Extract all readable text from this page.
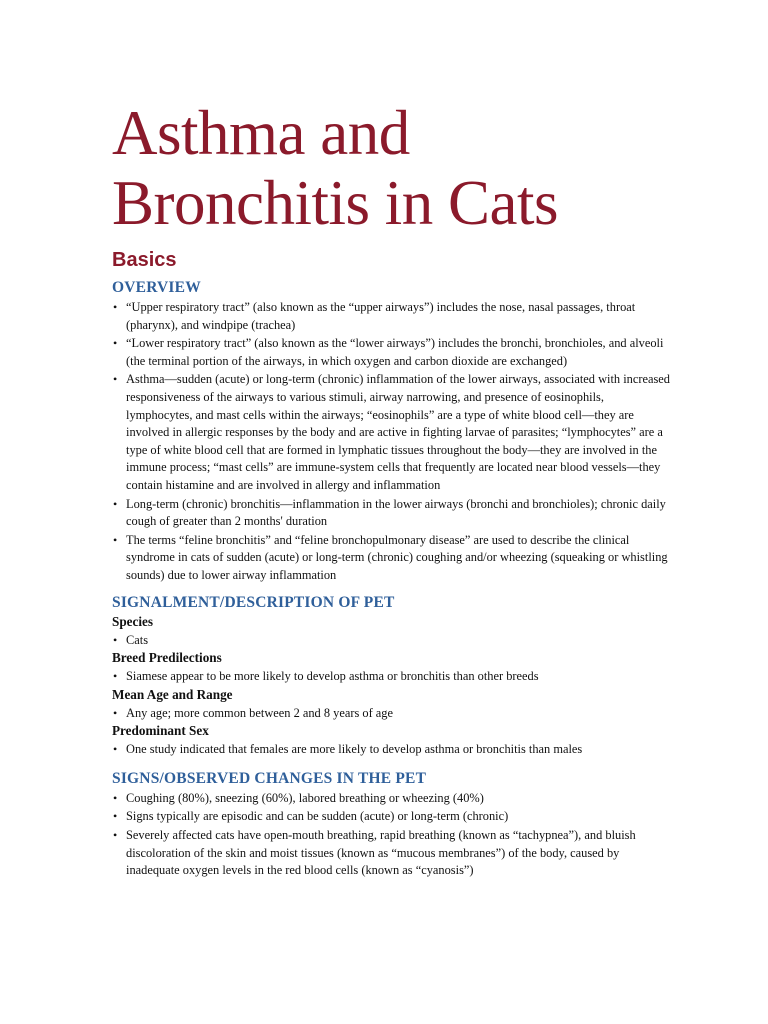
Asthma and
Bronchitis in Cats
Basics
OVERVIEW
• “Upper respiratory tract” (also known as the “upper airways”) includes the nose, nasal passages, throat (pharynx), and windpipe (trachea)
• “Lower respiratory tract” (also known as the “lower airways”) includes the bronchi, bronchioles, and alveoli (the terminal portion of the airways, in which oxygen and carbon dioxide are exchanged)
• Asthma—sudden (acute) or long-term (chronic) inflammation of the lower airways, associated with increased responsiveness of the airways to various stimuli, airway narrowing, and presence of eosinophils, lymphocytes, and mast cells within the airways; “eosinophils” are a type of white blood cell—they are involved in allergic responses by the body and are active in fighting larvae of parasites; “lymphocytes” are a type of white blood cell that are formed in lymphatic tissues throughout the body—they are involved in the immune process; “mast cells” are immune-system cells that frequently are located near blood vessels—they contain histamine and are involved in allergy and inflammation
• Long-term (chronic) bronchitis—inflammation in the lower airways (bronchi and bronchioles); chronic daily cough of greater than 2 months' duration
• The terms “feline bronchitis” and “feline bronchopulmonary disease” are used to describe the clinical syndrome in cats of sudden (acute) or long-term (chronic) coughing and/or wheezing (squeaking or whistling sounds) due to lower airway inflammation
SIGNALMENT/DESCRIPTION OF PET
Species
• Cats
Breed Predilections
• Siamese appear to be more likely to develop asthma or bronchitis than other breeds
Mean Age and Range
• Any age; more common between 2 and 8 years of age
Predominant Sex
• One study indicated that females are more likely to develop asthma or bronchitis than males
SIGNS/OBSERVED CHANGES IN THE PET
• Coughing (80%), sneezing (60%), labored breathing or wheezing (40%)
• Signs typically are episodic and can be sudden (acute) or long-term (chronic)
• Severely affected cats have open-mouth breathing, rapid breathing (known as “tachypnea”), and bluish discoloration of the skin and moist tissues (known as “mucous membranes”) of the body, caused by inadequate oxygen levels in the red blood cells (known as “cyanosis”)
